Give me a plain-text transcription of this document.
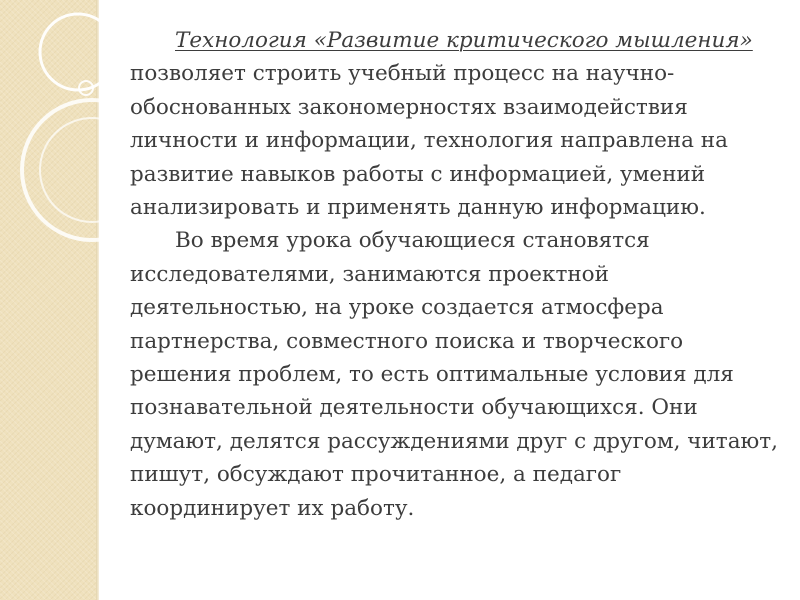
Технология «Развитие критического мышления» позволяет строить учебный процесс на научно-обоснованных закономерностях взаимодействия личности и информации, технология направлена на развитие навыков работы с информацией, умений анализировать и применять данную информацию.

Во время урока обучающиеся становятся исследователями, занимаются проектной деятельностью, на уроке создается атмосфера партнерства, совместного поиска и творческого решения проблем, то есть оптимальные условия для познавательной деятельности обучающихся. Они думают, делятся рассуждениями друг с другом, читают, пишут, обсуждают прочитанное, а педагог координирует их работу.
